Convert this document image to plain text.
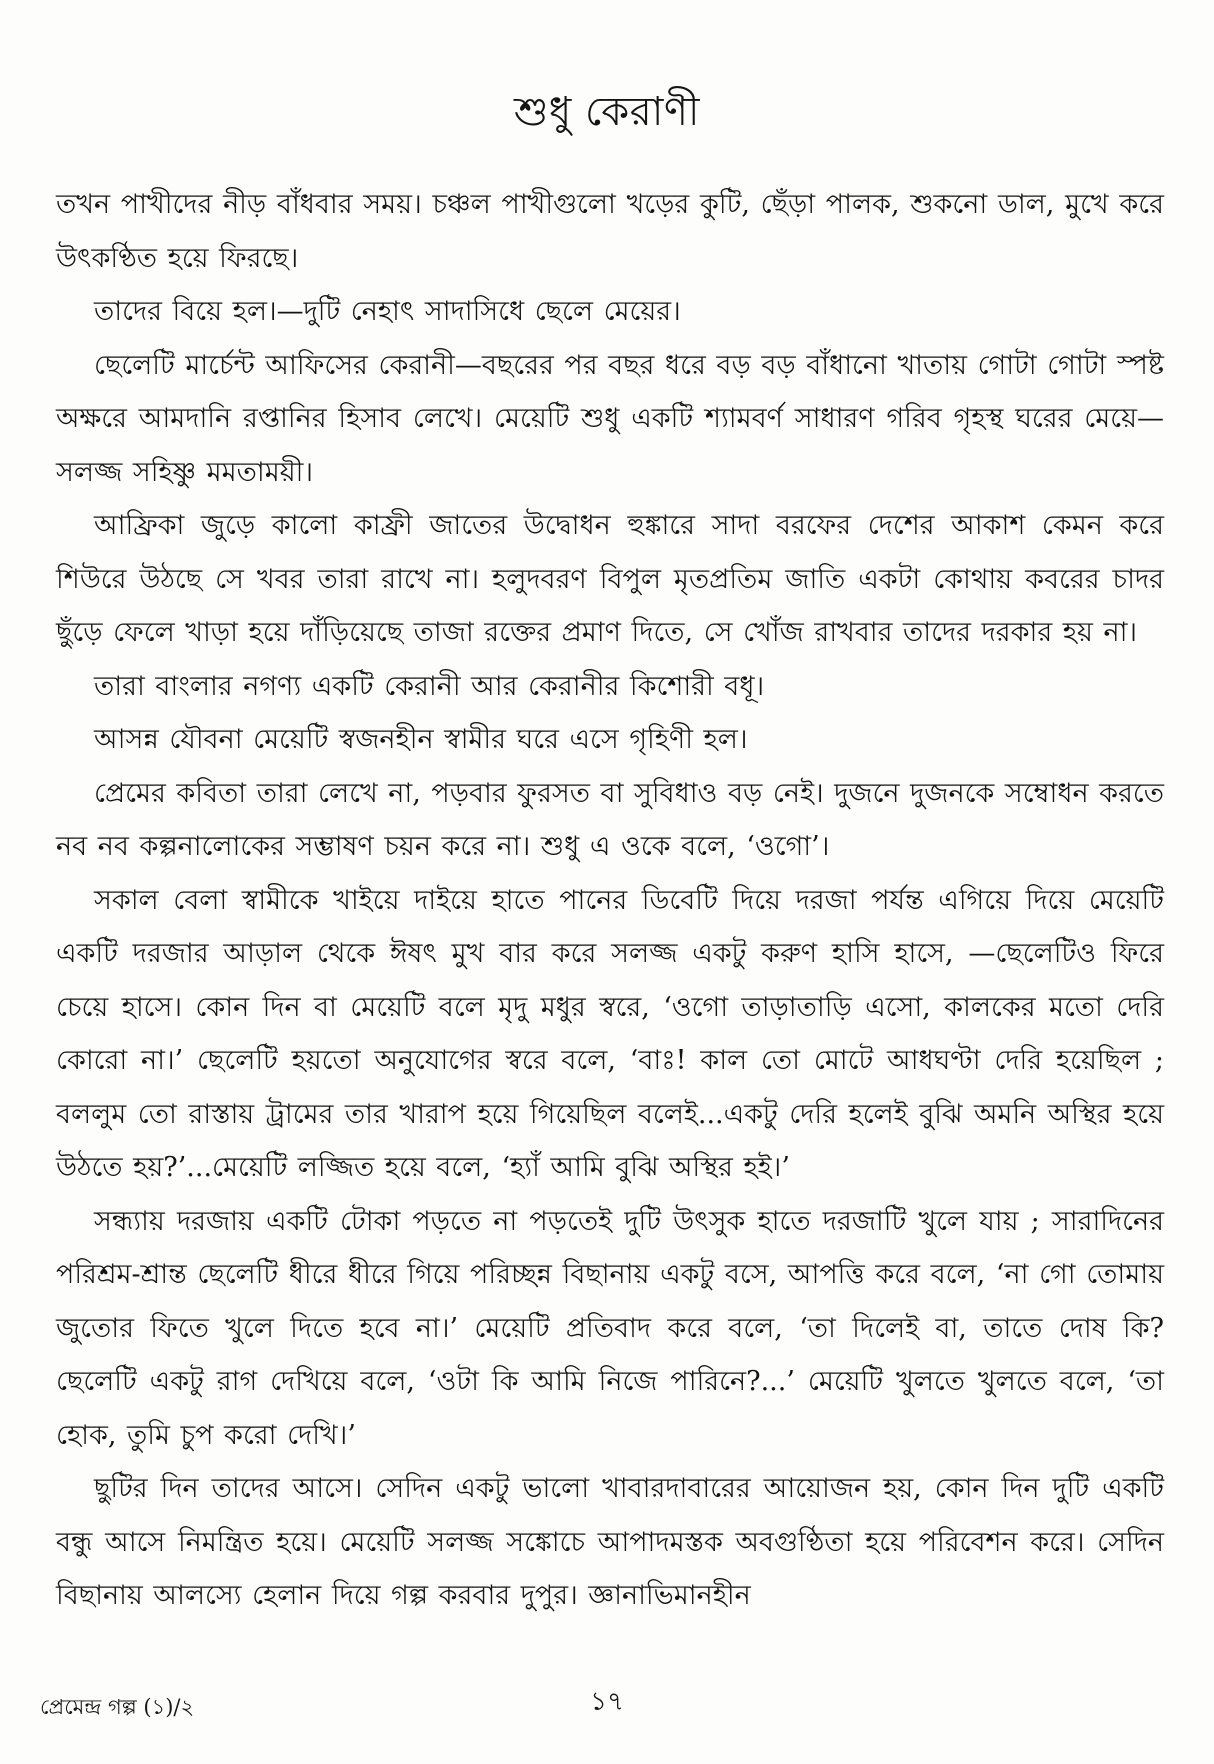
শুধু কেরাণী

তখন পাখীদের নীড় বাঁধবার সময়। চঞ্চল পাখীগুলো খড়ের কুটি, ছেঁড়া পালক, শুকনো ডাল, মুখে করে উৎকণ্ঠিত হয়ে ফিরছে।

তাদের বিয়ে হল।—দুটি নেহাৎ সাদাসিধে ছেলে মেয়ের।

ছেলেটি মার্চেন্ট আফিসের কেরানী—বছরের পর বছর ধরে বড় বড় বাঁধানো খাতায় গোটা গোটা স্পষ্ট অক্ষরে আমদানি রপ্তানির হিসাব লেখে। মেয়েটি শুধু একটি শ্যামবর্ণ সাধারণ গরিব গৃহস্থ ঘরের মেয়ে—সলজ্জ সহিষ্ণু মমতাময়ী।

আফ্রিকা জুড়ে কালো কাফ্রী জাতের উদ্বোধন হুঙ্কারে সাদা বরফের দেশের আকাশ কেমন করে শিউরে উঠছে সে খবর তারা রাখে না। হলুদবরণ বিপুল মৃতপ্রতিম জাতি একটা কোথায় কবরের চাদর ছুঁড়ে ফেলে খাড়া হয়ে দাঁড়িয়েছে তাজা রক্তের প্রমাণ দিতে, সে খোঁজ রাখবার তাদের দরকার হয় না।

তারা বাংলার নগণ্য একটি কেরানী আর কেরানীর কিশোরী বধূ।

আসন্ন যৌবনা মেয়েটি স্বজনহীন স্বামীর ঘরে এসে গৃহিণী হল।

প্রেমের কবিতা তারা লেখে না, পড়বার ফুরসত বা সুবিধাও বড় নেই। দুজনে দুজনকে সম্বোধন করতে নব নব কল্পনালোকের সম্ভাষণ চয়ন করে না। শুধু এ ওকে বলে, ‘ওগো’।

সকাল বেলা স্বামীকে খাইয়ে দাইয়ে হাতে পানের ডিবেটি দিয়ে দরজা পর্যন্ত এগিয়ে দিয়ে মেয়েটি একটি দরজার আড়াল থেকে ঈষৎ মুখ বার করে সলজ্জ একটু করুণ হাসি হাসে, —ছেলেটিও ফিরে চেয়ে হাসে। কোন দিন বা মেয়েটি বলে মৃদু মধুর স্বরে, ‘ওগো তাড়াতাড়ি এসো, কালকের মতো দেরি কোরো না।’ ছেলেটি হয়তো অনুযোগের স্বরে বলে, ‘বাঃ! কাল তো মোটে আধঘণ্টা দেরি হয়েছিল ; বললুম তো রাস্তায় ট্রামের তার খারাপ হয়ে গিয়েছিল বলেই...একটু দেরি হলেই বুঝি অমনি অস্থির হয়ে উঠতে হয়?’...মেয়েটি লজ্জিত হয়ে বলে, ‘হ্যাঁ আমি বুঝি অস্থির হই।’

সন্ধ্যায় দরজায় একটি টোকা পড়তে না পড়তেই দুটি উৎসুক হাতে দরজাটি খুলে যায় ; সারাদিনের পরিশ্রম-শ্রান্ত ছেলেটি ধীরে ধীরে গিয়ে পরিচ্ছন্ন বিছানায় একটু বসে, আপত্তি করে বলে, ‘না গো তোমায় জুতোর ফিতে খুলে দিতে হবে না।’ মেয়েটি প্রতিবাদ করে বলে, ‘তা দিলেই বা, তাতে দোষ কি? ছেলেটি একটু রাগ দেখিয়ে বলে, ‘ওটা কি আমি নিজে পারিনে?...’ মেয়েটি খুলতে খুলতে বলে, ‘তা হোক, তুমি চুপ করো দেখি।’

ছুটির দিন তাদের আসে। সেদিন একটু ভালো খাবারদাবারের আয়োজন হয়, কোন দিন দুটি একটি বন্ধু আসে নিমন্ত্রিত হয়ে। মেয়েটি সলজ্জ সঙ্কোচে আপাদমস্তক অবগুণ্ঠিতা হয়ে পরিবেশন করে। সেদিন বিছানায় আলস্যে হেলান দিয়ে গল্প করবার দুপুর। জ্ঞানাভিমানহীন

প্রেমেন্দ্র গল্প (১)/২	১৭
